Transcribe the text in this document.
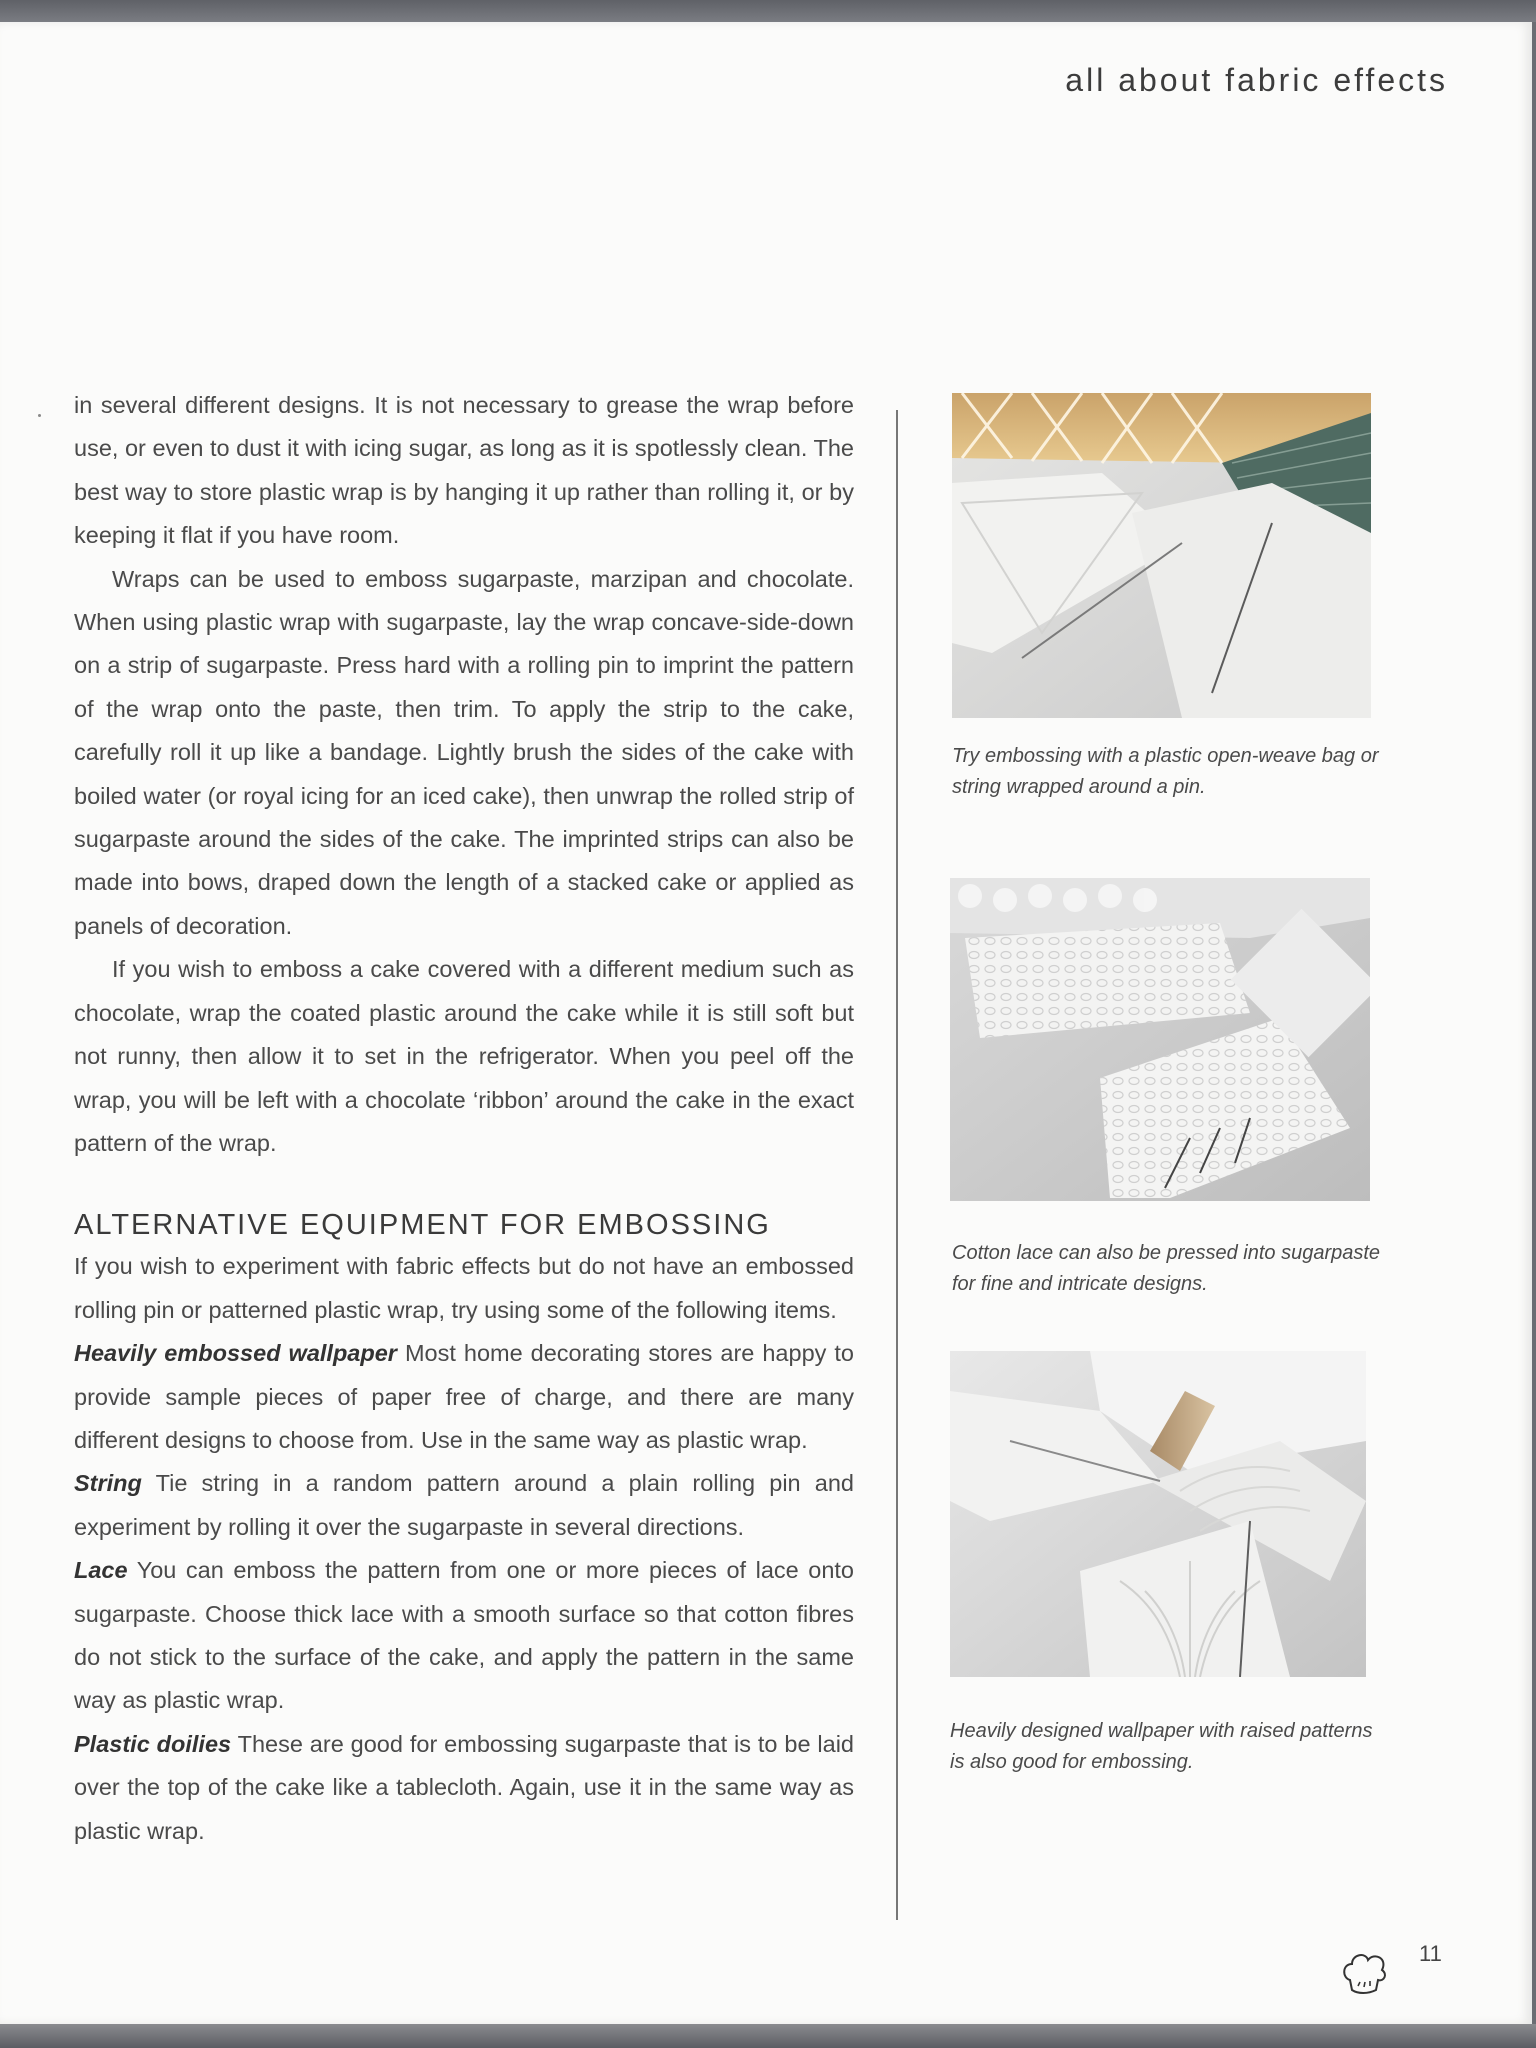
all about fabric effects

in several different designs. It is not necessary to grease the wrap before use, or even to dust it with icing sugar, as long as it is spotlessly clean. The best way to store plastic wrap is by hanging it up rather than rolling it, or by keeping it flat if you have room.

Wraps can be used to emboss sugarpaste, marzipan and chocolate. When using plastic wrap with sugarpaste, lay the wrap concave-side-down on a strip of sugarpaste. Press hard with a rolling pin to imprint the pattern of the wrap onto the paste, then trim. To apply the strip to the cake, carefully roll it up like a bandage. Lightly brush the sides of the cake with boiled water (or royal icing for an iced cake), then unwrap the rolled strip of sugarpaste around the sides of the cake. The imprinted strips can also be made into bows, draped down the length of a stacked cake or applied as panels of decoration.

If you wish to emboss a cake covered with a different medium such as chocolate, wrap the coated plastic around the cake while it is still soft but not runny, then allow it to set in the refrigerator. When you peel off the wrap, you will be left with a chocolate ‘ribbon’ around the cake in the exact pattern of the wrap.

ALTERNATIVE EQUIPMENT FOR EMBOSSING

If you wish to experiment with fabric effects but do not have an embossed rolling pin or patterned plastic wrap, try using some of the following items.

Heavily embossed wallpaper Most home decorating stores are happy to provide sample pieces of paper free of charge, and there are many different designs to choose from. Use in the same way as plastic wrap.

String Tie string in a random pattern around a plain rolling pin and experiment by rolling it over the sugarpaste in several directions.

Lace You can emboss the pattern from one or more pieces of lace onto sugarpaste. Choose thick lace with a smooth surface so that cotton fibres do not stick to the surface of the cake, and apply the pattern in the same way as plastic wrap.

Plastic doilies These are good for embossing sugarpaste that is to be laid over the top of the cake like a tablecloth. Again, use it in the same way as plastic wrap.

Try embossing with a plastic open-weave bag or string wrapped around a pin.
Cotton lace can also be pressed into sugarpaste for fine and intricate designs.
Heavily designed wallpaper with raised patterns is also good for embossing.
11
